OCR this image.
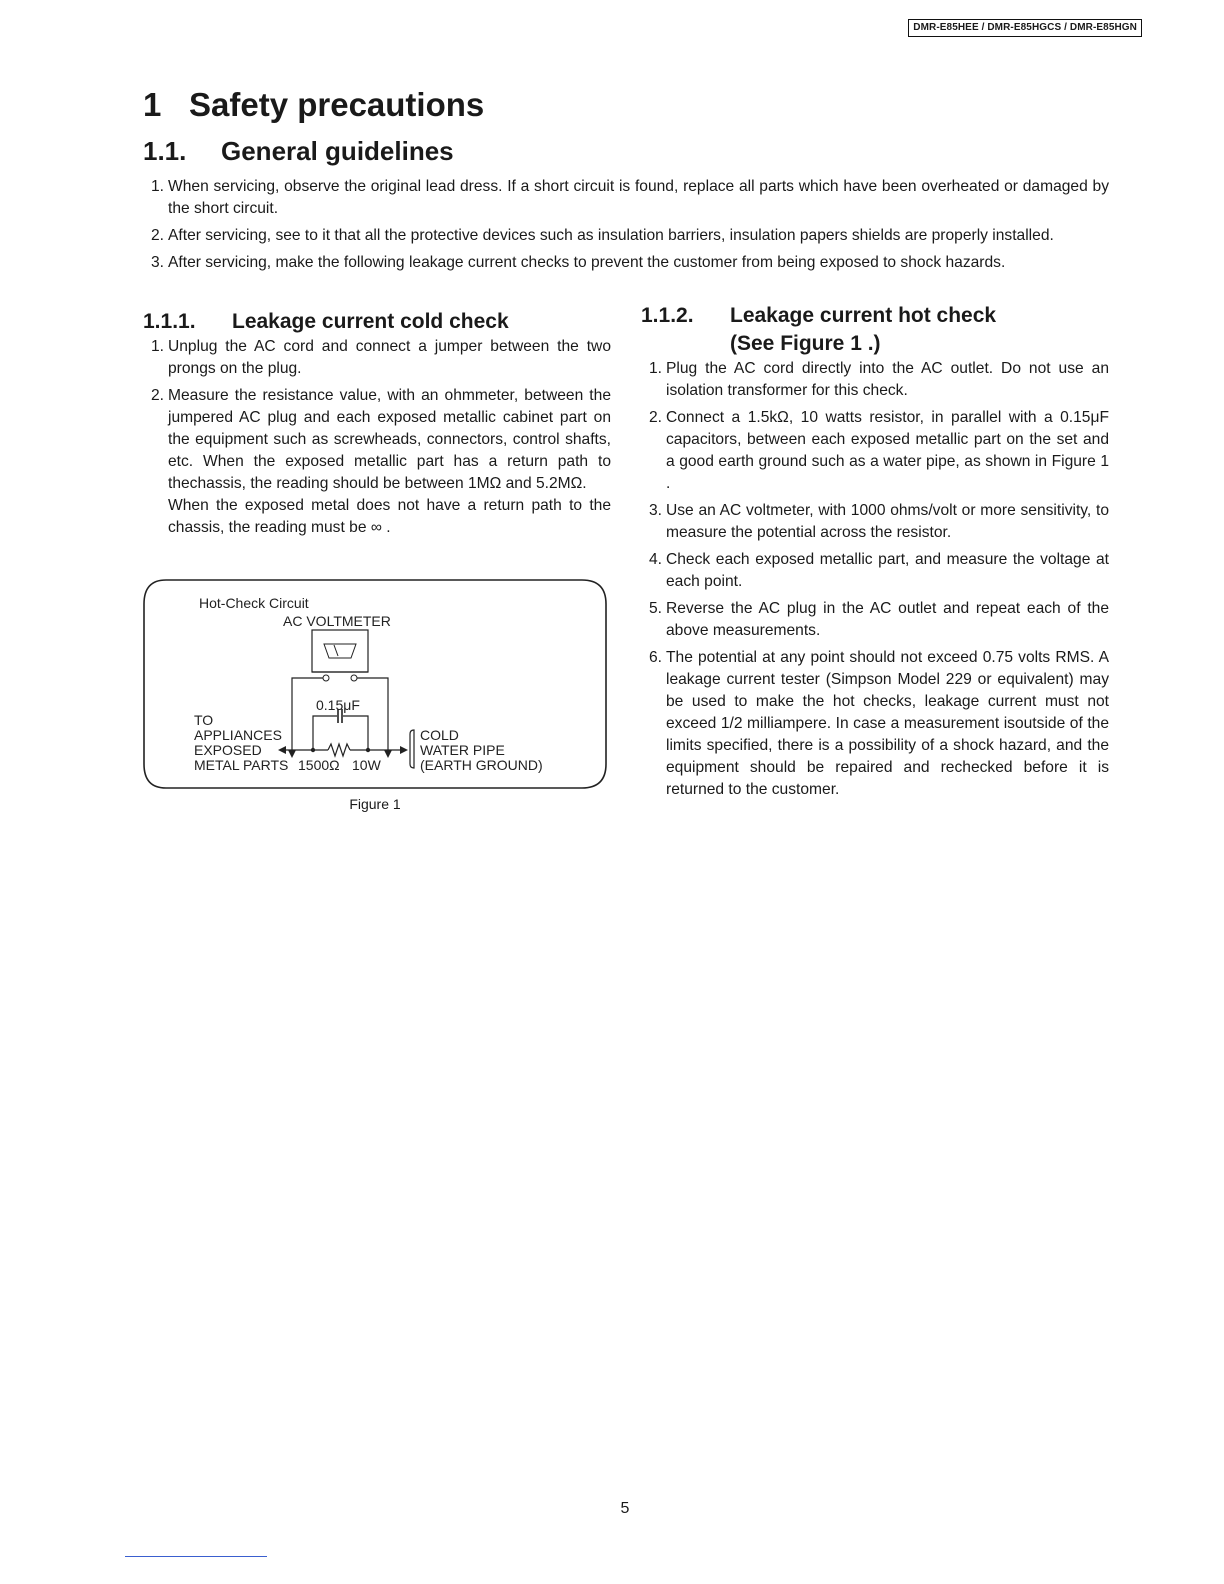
DMR-E85HEE / DMR-E85HGCS / DMR-E85HGN
1 Safety precautions
1.1. General guidelines
1. When servicing, observe the original lead dress. If a short circuit is found, replace all parts which have been overheated or damaged by the short circuit.
2. After servicing, see to it that all the protective devices such as insulation barriers, insulation papers shields are properly installed.
3. After servicing, make the following leakage current checks to prevent the customer from being exposed to shock hazards.
1.1.1. Leakage current cold check
1. Unplug the AC cord and connect a jumper between the two prongs on the plug.
2. Measure the resistance value, with an ohmmeter, between the jumpered AC plug and each exposed metallic cabinet part on the equipment such as screwheads, connectors, control shafts, etc. When the exposed metallic part has a return path to thechassis, the reading should be between 1MΩ and 5.2MΩ.
When the exposed metal does not have a return path to the chassis, the reading must be ∞ .
Hot-Check Circuit
AC VOLTMETER
0.15μF
TO
APPLIANCES
EXPOSED
METAL PARTS 1500Ω 10W
COLD
WATER PIPE
(EARTH GROUND)
Figure 1
1.1.2. Leakage current hot check
(See Figure 1 .)
1. Plug the AC cord directly into the AC outlet. Do not use an isolation transformer for this check.
2. Connect a 1.5kΩ, 10 watts resistor, in parallel with a 0.15μF capacitors, between each exposed metallic part on the set and a good earth ground such as a water pipe, as shown in Figure 1 .
3. Use an AC voltmeter, with 1000 ohms/volt or more sensitivity, to measure the potential across the resistor.
4. Check each exposed metallic part, and measure the voltage at each point.
5. Reverse the AC plug in the AC outlet and repeat each of the above measurements.
6. The potential at any point should not exceed 0.75 volts RMS. A leakage current tester (Simpson Model 229 or equivalent) may be used to make the hot checks, leakage current must not exceed 1/2 milliampere. In case a measurement isoutside of the limits specified, there is a possibility of a shock hazard, and the equipment should be repaired and rechecked before it is returned to the customer.
5
